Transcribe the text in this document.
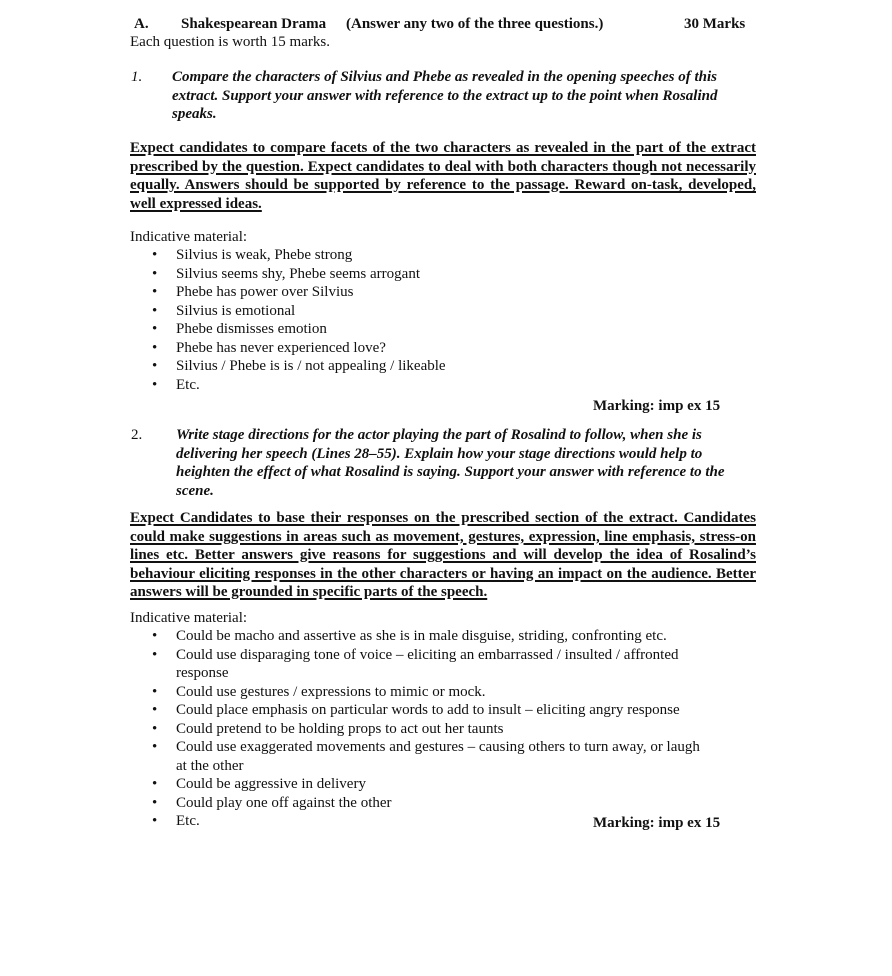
A. Shakespearean Drama (Answer any two of the three questions.)	30 Marks
Each question is worth 15 marks.
1. Compare the characters of Silvius and Phebe as revealed in the opening speeches of this extract. Support your answer with reference to the extract up to the point when Rosalind speaks.
Expect candidates to compare facets of the two characters as revealed in the part of the extract prescribed by the question. Expect candidates to deal with both characters though not necessarily equally. Answers should be supported by reference to the passage. Reward on-task, developed, well expressed ideas.
Indicative material:
• Silvius is weak, Phebe strong
• Silvius seems shy, Phebe seems arrogant
• Phebe has power over Silvius
• Silvius is emotional
• Phebe dismisses emotion
• Phebe has never experienced love?
• Silvius / Phebe is is / not appealing / likeable
• Etc.
Marking: imp ex 15
2. Write stage directions for the actor playing the part of Rosalind to follow, when she is delivering her speech (Lines 28–55). Explain how your stage directions would help to heighten the effect of what Rosalind is saying. Support your answer with reference to the scene.
Expect Candidates to base their responses on the prescribed section of the extract. Candidates could make suggestions in areas such as movement, gestures, expression, line emphasis, stress-on lines etc. Better answers give reasons for suggestions and will develop the idea of Rosalind’s behaviour eliciting responses in the other characters or having an impact on the audience. Better answers will be grounded in specific parts of the speech.
Indicative material:
• Could be macho and assertive as she is in male disguise, striding, confronting etc.
• Could use disparaging tone of voice – eliciting an embarrassed / insulted / affronted response
• Could use gestures / expressions to mimic or mock.
• Could place emphasis on particular words to add to insult – eliciting angry response
• Could pretend to be holding props to act out her taunts
• Could use exaggerated movements and gestures – causing others to turn away, or laugh at the other
• Could be aggressive in delivery
• Could play one off against the other
• Etc.	Marking: imp ex 15
